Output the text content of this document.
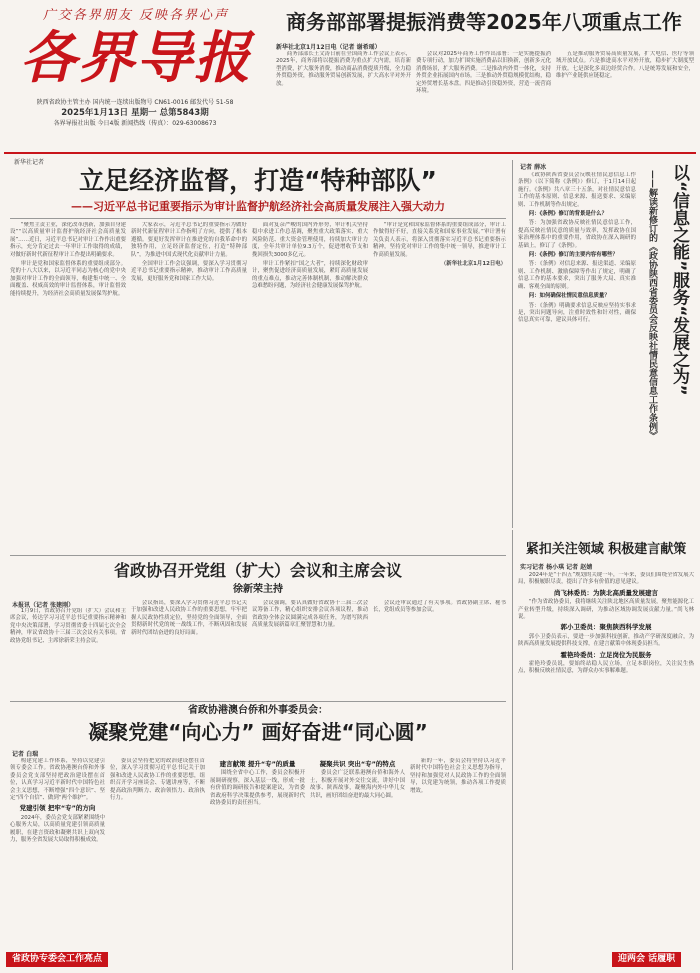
广交各界朋友 反映各界心声
各界导报
陕西省政协主管主办 国内统一连续出版物号 CN61-0016 邮发代号 51-58
2025年1月13日 星期一 总第5843期
各界导报社出版 今日4版 新闻热线（传真）：029-63008673
商务部部署提振消费等2025年八项重点工作
新华社北京1月12日电（记者 谢希瑶）

商务部部长王文涛日前在全国商务工作会议上表示，2025年，商务部将以提振消费为重点扩大内需，培育新型消费，扩大服务消费，推动商品消费提质升级，全力稳外贸稳外资，推动服务贸易创新发展，扩大高水平对外开放。

会议对2025年商务工作作出部署：一是实施提振消费专项行动，加力扩围实施消费品以旧换新，创新多元化消费场景，扩大服务消费。二是推动内外贸一体化，支持外贸企业拓展国内市场。三是推动外贸稳规模优结构，稳定外贸增长基本盘。四是推动引资稳外资，营造一流营商环境。

五是推动服务贸易高质量发展，扩大电信、医疗等领域开放试点。六是推进高水平对外开放，稳步扩大制度型开放。七是深化多双边经贸合作。八是统筹发展和安全，维护产业链供应链稳定。

新华社记者
立足经济监督，打造“特种部队”
——习近平总书记重要指示为审计监督护航经济社会高质量发展注入强大动力

“聚焦主责主业，深化改革创新，加强自身建设”“以高质量审计监督护航经济社会高质量发展”……近日，习近平总书记对审计工作作出重要指示，充分肯定过去一年审计工作取得的成绩，对做好新时代新征程审计工作提出明确要求。

审计是党和国家监督体系的重要组成部分。党的十八大以来，以习近平同志为核心的党中央加强对审计工作的全面领导，构建集中统一、全面覆盖、权威高效的审计监督体系，审计监督效能持续提升，为经济社会高质量发展保驾护航。

大家表示，习近平总书记的重要指示为做好新时代新征程审计工作指明了方向，提供了根本遵循。要更好发挥审计在推进党的自我革命中的独特作用，立足经济监督定位，打造“特种部队”，为推进中国式现代化贡献审计力量。

全国审计工作会议强调，要深入学习贯彻习近平总书记重要指示精神，推动审计工作高质量发展，更好服务党和国家工作大局。

面对复杂严峻的国内外形势，审计机关坚持稳中求进工作总基调，聚焦重大政策落实、重大风险防范、重大资金管理使用，持续加大审计力度，全年共审计单位9.3万个，促进增收节支和挽回损失3000多亿元。

审计工作紧扣“国之大者”，持续深化财政审计，聚焦促进经济高质量发展，紧盯高质量发展的重点难点，推动完善体制机制，推动解决群众急难愁盼问题，为经济社会健康发展保驾护航。

“审计是党和国家监督体系的重要组成部分，审计工作做得好不好，直接关系党和国家事业发展。”审计署有关负责人表示，将深入贯彻落实习近平总书记重要指示精神，坚持党对审计工作的集中统一领导，推进审计工作高质量发展。

（新华社北京1月12日电）	以“信息之能”服务“发展之为”
——解读新修订的《政协陕西省委员会反映社情民意信息工作条例》
记者 薛冰

《政协陕西省委员会反映社情民意信息工作条例》（以下简称《条例》）修订，于1月14日起施行。《条例》共八章三十五条，对社情民意信息工作的基本原则、信息来源、报送要求、采编原则、工作机制等作出规定。

问：《条例》修订的背景是什么？

答：为加强省政协反映社情民意信息工作，提高反映社情民意的质量与效率，发挥政协在国家治理体系中的重要作用，省政协在深入调研的基础上，修订了《条例》。

问：《条例》修订的主要内容有哪些？

答：《条例》对信息来源、报送渠道、采编原则、工作机制、激励保障等作出了规定，明确了信息工作的基本要求，突出了服务大局、真实准确、客观全面的原则。

问：如何确保社情民意信息质量？

答：《条例》明确要求信息反映应坚持实事求是，突出问题导向，注重时效性和针对性，确保信息真实可靠，建议具体可行。

省政协召开党组（扩大）会议和主席会议
徐新荣主持
本报讯（记者 张建刚）

1月9日，省政协召开党组（扩大）会议和主席会议，传达学习习近平总书记重要指示精神和党中央决策部署，学习贯彻省委十四届七次全会精神，审议省政协十三届三次会议有关事项。省政协党组书记、主席徐新荣主持会议。

会议指出，要深入学习贯彻习近平总书记关于加强和改进人民政协工作的重要思想，牢牢把握人民政协性质定位，坚持党的全面领导，全面贯彻新时代党的统一战线工作，不断巩固和发展新时代团结奋进的良好局面。

会议强调，要认真做好省政协十三届三次会议筹备工作，精心组织安排会议各项议程，推动省政协全体会议圆满完成各项任务，为谱写陕西高质量发展新篇章汇聚智慧和力量。

会议还审议通过了有关事项。省政协副主席、秘书长，党组成员等参加会议。

省政协港澳台侨和外事委员会：
凝聚党建“向心力” 画好奋进“同心圆”
记者 白瑞

构建党建工作体系，坚持以党建引领专委会工作。省政协港澳台侨和外事委员会党支部坚持把政治建设摆在首位，认真学习习近平新时代中国特色社会主义思想，不断增强“四个意识”、坚定“四个自信”、做到“两个维护”。

党建引领 把牢“专”的方向

2024年，委员会党支部紧紧围绕中心服务大局，以高质量党建引领高质量履职，在建言资政和凝聚共识上双向发力，服务全省发展大局取得积极成效。

委员会坚持把党的政治建设摆在首位，深入学习贯彻习近平总书记关于加强和改进人民政协工作的重要思想，组织召开学习座谈会、专题讲座等，不断提高政治判断力、政治领悟力、政治执行力。

建言献策 提升“专”的质量

围绕全省中心工作，委员会积极开展调研视察，深入基层一线，形成一批有价值的调研报告和提案建议，为省委省政府科学决策提供参考，展现新时代政协委员的责任担当。

凝聚共识 突出“专”的特点

委员会广泛联系港澳台侨和海外人士，积极开展对外交往交流，讲好中国故事、陕西故事，凝聚海内外中华儿女共识，画好团结奋进的最大同心圆。

新的一年，委员会将坚持以习近平新时代中国特色社会主义思想为指导，坚持和加强党对人民政协工作的全面领导，以党建为统领，推动各项工作提质增效。

省政协专委会工作亮点
紧扣关注领域 积极建言献策
实习记者 杨小琪 记者 赵婧

2024年是“十四五”规划的关键一年，一年来，委员们围绕全省发展大局，积极履职尽责，提出了许多有价值的意见建议。

尚飞林委员：为陕北高质量发展建言

“作为省政协委员，我将继续关注陕北地区高质量发展，聚焦能源化工产业转型升级，持续深入调研，为推动区域协调发展贡献力量。”尚飞林说。

郭小卫委员：聚焦陕西科学发展

郭小卫委员表示，要进一步加强科技创新，推动产学研深度融合，为陕西高质量发展提供科技支撑，在建言献策中体现委员担当。

霍艳玲委员：立足岗位为民服务

霍艳玲委员说，要始终站稳人民立场，立足本职岗位，关注民生热点，积极反映社情民意，为群众办实事解难题。

迎两会 话履职
